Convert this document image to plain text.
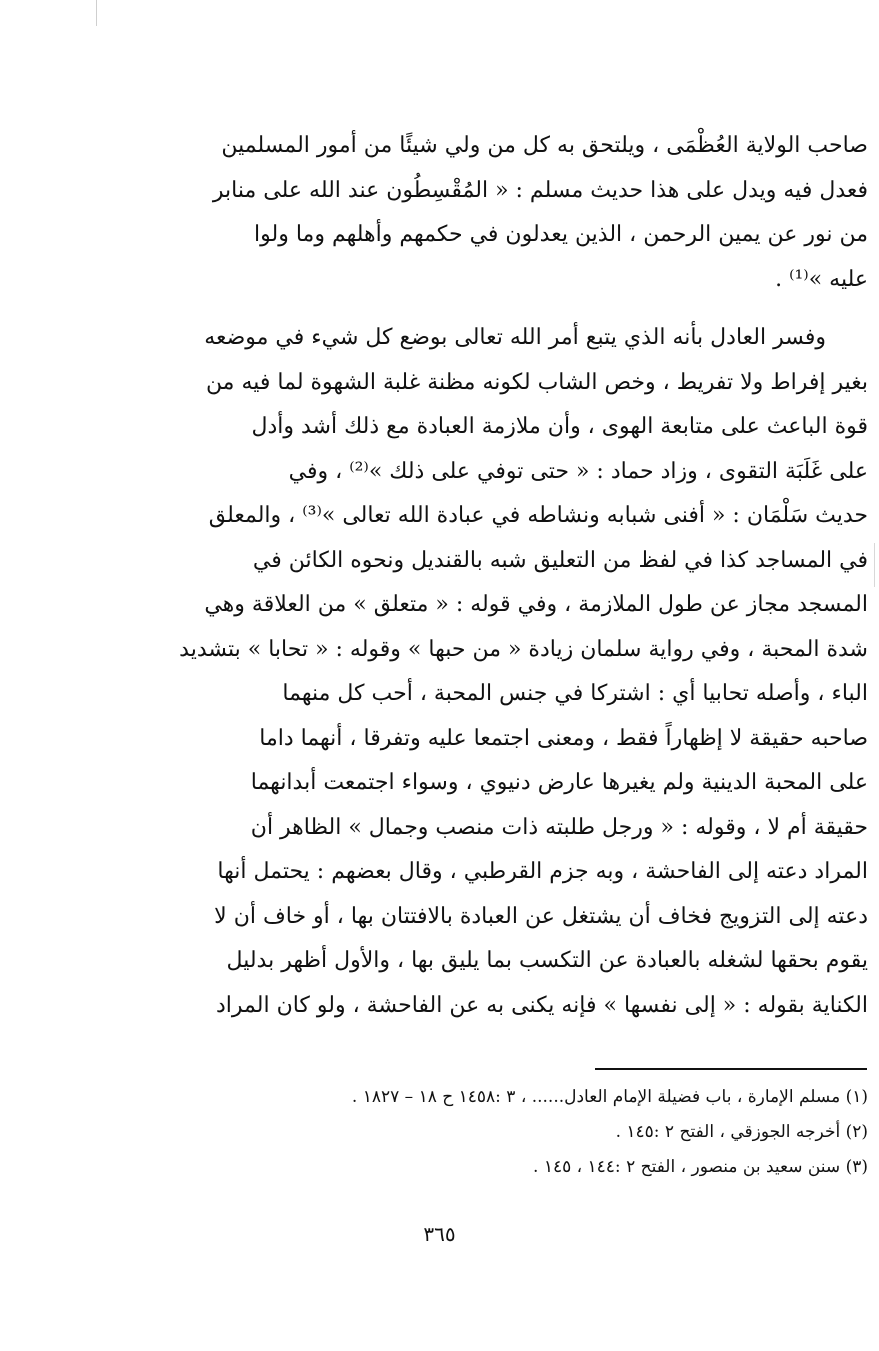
صاحب الولاية العُظْمَى ، ويلتحق به كل من ولي شيئًا من أمور المسلمين
فعدل فيه ويدل على هذا حديث مسلم : « المُقْسِطُون عند الله على منابر
من نور عن يمين الرحمن ، الذين يعدلون في حكمهم وأهلهم وما ولوا
عليه »⁽¹⁾ .
وفسر العادل بأنه الذي يتبع أمر الله تعالى بوضع كل شيء في موضعه
بغير إفراط ولا تفريط ، وخص الشاب لكونه مظنة غلبة الشهوة لما فيه من
قوة الباعث على متابعة الهوى ، وأن ملازمة العبادة مع ذلك أشد وأدل
على غَلَبَة التقوى ، وزاد حماد : « حتى توفي على ذلك »⁽²⁾ ، وفي
حديث سَلْمَان : « أفنى شبابه ونشاطه في عبادة الله تعالى »⁽³⁾ ، والمعلق
في المساجد كذا في لفظ من التعليق شبه بالقنديل ونحوه الكائن في
المسجد مجاز عن طول الملازمة ، وفي قوله : « متعلق » من العلاقة وهي
شدة المحبة ، وفي رواية سلمان زيادة « من حبها » وقوله : « تحابا » بتشديد
الباء ، وأصله تحابيا أي : اشتركا في جنس المحبة ، أحب كل منهما
صاحبه حقيقة لا إظهاراً فقط ، ومعنى اجتمعا عليه وتفرقا ، أنهما داما
على المحبة الدينية ولم يغيرها عارض دنيوي ، وسواء اجتمعت أبدانهما
حقيقة أم لا ، وقوله : « ورجل طلبته ذات منصب وجمال » الظاهر أن
المراد دعته إلى الفاحشة ، وبه جزم القرطبي ، وقال بعضهم : يحتمل أنها
دعته إلى التزويج فخاف أن يشتغل عن العبادة بالافتتان بها ، أو خاف أن لا
يقوم بحقها لشغله بالعبادة عن التكسب بما يليق بها ، والأول أظهر بدليل
الكناية بقوله : « إلى نفسها » فإنه يكنى به عن الفاحشة ، ولو كان المراد
(١) مسلم الإمارة ، باب فضيلة الإمام العادل...... ، ٣ :١٤٥٨ ح ١٨ – ١٨٢٧ .
(٢) أخرجه الجوزقي ، الفتح ٢ :١٤٥ .
(٣) سنن سعيد بن منصور ، الفتح ٢ :١٤٤ ، ١٤٥ .
٣٦٥
